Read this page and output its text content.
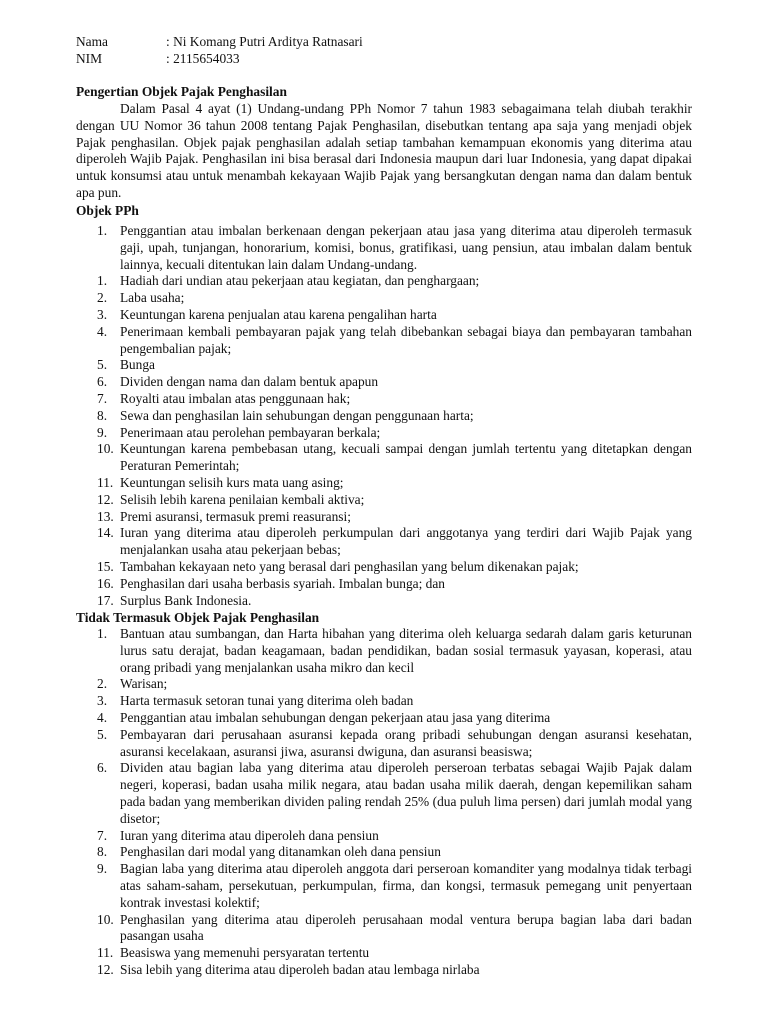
Nama	: Ni Komang Putri Arditya Ratnasari
NIM	: 2115654033
Pengertian Objek Pajak Penghasilan

Dalam Pasal 4 ayat (1) Undang-undang PPh Nomor 7 tahun 1983 sebagaimana telah diubah terakhir dengan UU Nomor 36 tahun 2008 tentang Pajak Penghasilan, disebutkan tentang apa saja yang menjadi objek Pajak penghasilan. Objek pajak penghasilan adalah setiap tambahan kemampuan ekonomis yang diterima atau diperoleh Wajib Pajak. Penghasilan ini bisa berasal dari Indonesia maupun dari luar Indonesia, yang dapat dipakai untuk konsumsi atau untuk menambah kekayaan Wajib Pajak yang bersangkutan dengan nama dan dalam bentuk apa pun.

Objek PPh
1. Penggantian atau imbalan berkenaan dengan pekerjaan atau jasa yang diterima atau diperoleh termasuk gaji, upah, tunjangan, honorarium, komisi, bonus, gratifikasi, uang pensiun, atau imbalan dalam bentuk lainnya, kecuali ditentukan lain dalam Undang-undang.
1. Hadiah dari undian atau pekerjaan atau kegiatan, dan penghargaan;
2. Laba usaha;
3. Keuntungan karena penjualan atau karena pengalihan harta
4. Penerimaan kembali pembayaran pajak yang telah dibebankan sebagai biaya dan pembayaran tambahan pengembalian pajak;
5. Bunga
6. Dividen dengan nama dan dalam bentuk apapun
7. Royalti atau imbalan atas penggunaan hak;
8. Sewa dan penghasilan lain sehubungan dengan penggunaan harta;
9. Penerimaan atau perolehan pembayaran berkala;
10. Keuntungan karena pembebasan utang, kecuali sampai dengan jumlah tertentu yang ditetapkan dengan Peraturan Pemerintah;
11. Keuntungan selisih kurs mata uang asing;
12. Selisih lebih karena penilaian kembali aktiva;
13. Premi asuransi, termasuk premi reasuransi;
14. Iuran yang diterima atau diperoleh perkumpulan dari anggotanya yang terdiri dari Wajib Pajak yang menjalankan usaha atau pekerjaan bebas;
15. Tambahan kekayaan neto yang berasal dari penghasilan yang belum dikenakan pajak;
16. Penghasilan dari usaha berbasis syariah. Imbalan bunga; dan
17. Surplus Bank Indonesia.
Tidak Termasuk Objek Pajak Penghasilan
1. Bantuan atau sumbangan, dan Harta hibahan yang diterima oleh keluarga sedarah dalam garis keturunan lurus satu derajat, badan keagamaan, badan pendidikan, badan sosial termasuk yayasan, koperasi, atau orang pribadi yang menjalankan usaha mikro dan kecil
2. Warisan;
3. Harta termasuk setoran tunai yang diterima oleh badan
4. Penggantian atau imbalan sehubungan dengan pekerjaan atau jasa yang diterima
5. Pembayaran dari perusahaan asuransi kepada orang pribadi sehubungan dengan asuransi kesehatan, asuransi kecelakaan, asuransi jiwa, asuransi dwiguna, dan asuransi beasiswa;
6. Dividen atau bagian laba yang diterima atau diperoleh perseroan terbatas sebagai Wajib Pajak dalam negeri, koperasi, badan usaha milik negara, atau badan usaha milik daerah, dengan kepemilikan saham pada badan yang memberikan dividen paling rendah 25% (dua puluh lima persen) dari jumlah modal yang disetor;
7. Iuran yang diterima atau diperoleh dana pensiun
8. Penghasilan dari modal yang ditanamkan oleh dana pensiun
9. Bagian laba yang diterima atau diperoleh anggota dari perseroan komanditer yang modalnya tidak terbagi atas saham-saham, persekutuan, perkumpulan, firma, dan kongsi, termasuk pemegang unit penyertaan kontrak investasi kolektif;
10. Penghasilan yang diterima atau diperoleh perusahaan modal ventura berupa bagian laba dari badan pasangan usaha
11. Beasiswa yang memenuhi persyaratan tertentu
12. Sisa lebih yang diterima atau diperoleh badan atau lembaga nirlaba
